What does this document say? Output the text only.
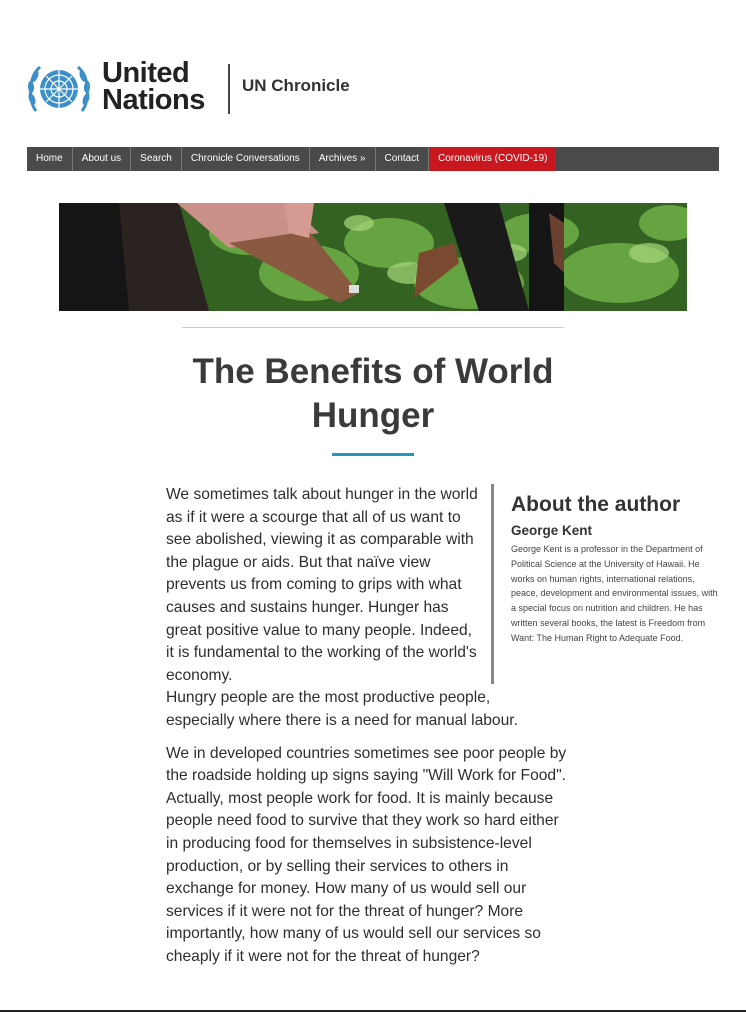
United
Nations UN Chronicle
Home	About us	Search	Chronicle Conversations	Archives »	Contact	Coronavirus (COVID-19)
The Benefits of World Hunger
We sometimes talk about hunger in the world as if it were a scourge that all of us want to see abolished, viewing it as comparable with the plague or aids. But that naïve view prevents us from coming to grips with what causes and sustains hunger. Hunger has great positive value to many people. Indeed, it is fundamental to the working of the world's economy.
Hungry people are the most productive people, especially where there is a need for manual labour.
We in developed countries sometimes see poor people by the roadside holding up signs saying "Will Work for Food". Actually, most people work for food. It is mainly because people need food to survive that they work so hard either in producing food for themselves in subsistence-level production, or by selling their services to others in exchange for money. How many of us would sell our services if it were not for the threat of hunger? More importantly, how many of us would sell our services so cheaply if it were not for the threat of hunger?
About the author
George Kent
George Kent is a professor in the Department of Political Science at the University of Hawaii. He works on human rights, international relations, peace, development and environmental issues, with a special focus on nutrition and children. He has written several books, the latest is Freedom from Want: The Human Right to Adequate Food.
